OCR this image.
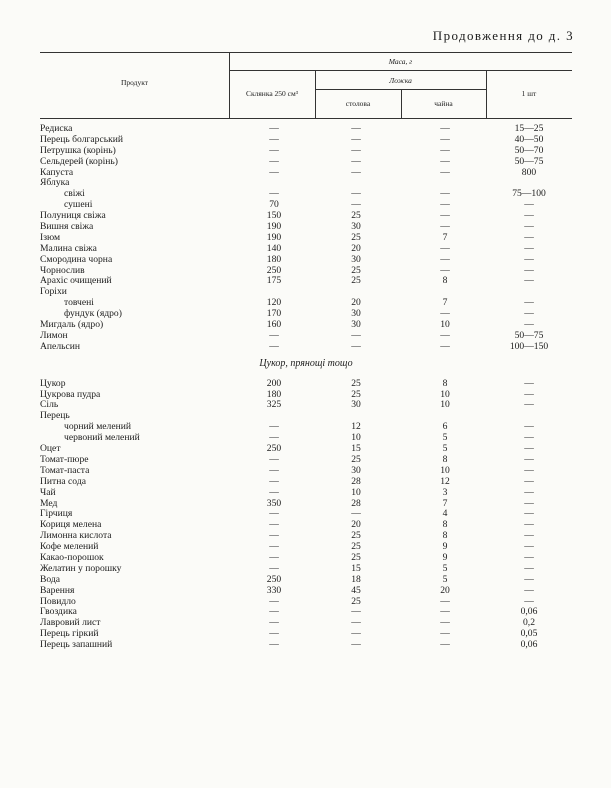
Продовження до д. 3
Продукт
Маса, г
Склянка 250 см³
Ложка
столова	чайна
1 шт
Редиска	—	—	—	15—25
Перець болгарський	—	—	—	40—50
Петрушка (корінь)	—	—	—	50—70
Сельдерей (корінь)	—	—	—	50—75
Капуста	—	—	—	800
Яблука
свіжі	—	—	—	75—100
сушені	70	—	—	—
Полуниця свіжа	150	25	—	—
Вишня свіжа	190	30	—	—
Ізюм	190	25	7	—
Малина свіжа	140	20	—	—
Смородина чорна	180	30	—	—
Чорнослив	250	25	—	—
Арахіс очищений	175	25	8	—
Горіхи
товчені	120	20	7	—
фундук (ядро)	170	30	—	—
Мигдаль (ядро)	160	30	10	—
Лимон	—	—	—	50—75
Апельсин	—	—	—	100—150
Цукор, прянощі тощо
Цукор	200	25	8	—
Цукрова пудра	180	25	10	—
Сіль	325	30	10	—
Перець
чорний мелений	—	12	6	—
червоний мелений	—	10	5	—
Оцет	250	15	5	—
Томат-пюре	—	25	8	—
Томат-паста	—	30	10	—
Питна сода	—	28	12	—
Чай	—	10	3	—
Мед	350	28	7	—
Гірчиця	—	—	4	—
Кориця мелена	—	20	8	—
Лимонна кислота	—	25	8	—
Кофе мелений	—	25	9	—
Какао-порошок	—	25	9	—
Желатин у порошку	—	15	5	—
Вода	250	18	5	—
Варення	330	45	20	—
Повидло	—	25	—	—
Гвоздика	—	—	—	0,06
Лавровий лист	—	—	—	0,2
Перець гіркий	—	—	—	0,05
Перець запашний	—	—	—	0,06
